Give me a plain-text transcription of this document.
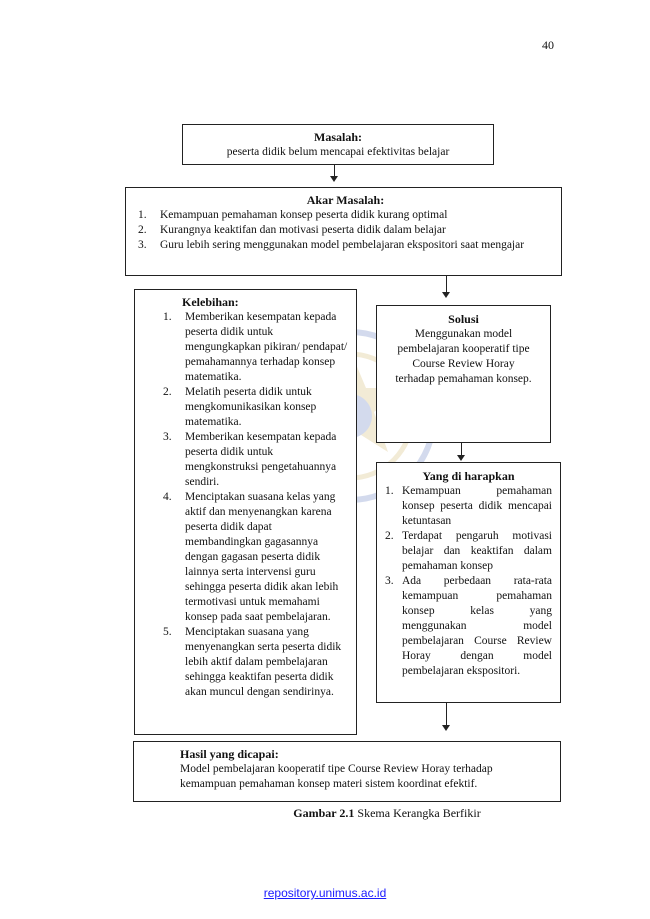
40
Masalah:
peserta didik belum mencapai efektivitas belajar
Akar Masalah:
1. Kemampuan pemahaman konsep peserta didik kurang optimal
2. Kurangnya keaktifan dan motivasi peserta didik dalam belajar
3. Guru lebih sering menggunakan model pembelajaran ekspositori saat mengajar
Kelebihan:
1. Memberikan kesempatan kepada peserta didik untuk mengungkapkan pikiran/ pendapat/ pemahamannya terhadap konsep matematika.
2. Melatih peserta didik untuk mengkomunikasikan konsep matematika.
3. Memberikan kesempatan kepada peserta didik untuk mengkonstruksi pengetahuannya sendiri.
4. Menciptakan suasana kelas yang aktif dan menyenangkan karena peserta didik dapat membandingkan gagasannya dengan gagasan peserta didik lainnya serta intervensi guru sehingga peserta didik akan lebih termotivasi untuk memahami konsep pada saat pembelajaran.
5. Menciptakan suasana yang menyenangkan serta peserta didik lebih aktif dalam pembelajaran sehingga keaktifan peserta didik akan muncul dengan sendirinya.
Solusi
Menggunakan model pembelajaran kooperatif tipe Course Review Horay terhadap pemahaman konsep.
Yang di harapkan
1. Kemampuan pemahaman konsep peserta didik mencapai ketuntasan
2. Terdapat pengaruh motivasi belajar dan keaktifan dalam pemahaman konsep
3. Ada perbedaan rata-rata kemampuan pemahaman konsep kelas yang menggunakan model pembelajaran Course Review Horay dengan model pembelajaran ekspositori.
Hasil yang dicapai:
Model pembelajaran kooperatif tipe Course Review Horay terhadap kemampuan pemahaman konsep materi sistem koordinat efektif.
Gambar 2.1 Skema Kerangka Berfikir
repository.unimus.ac.id
